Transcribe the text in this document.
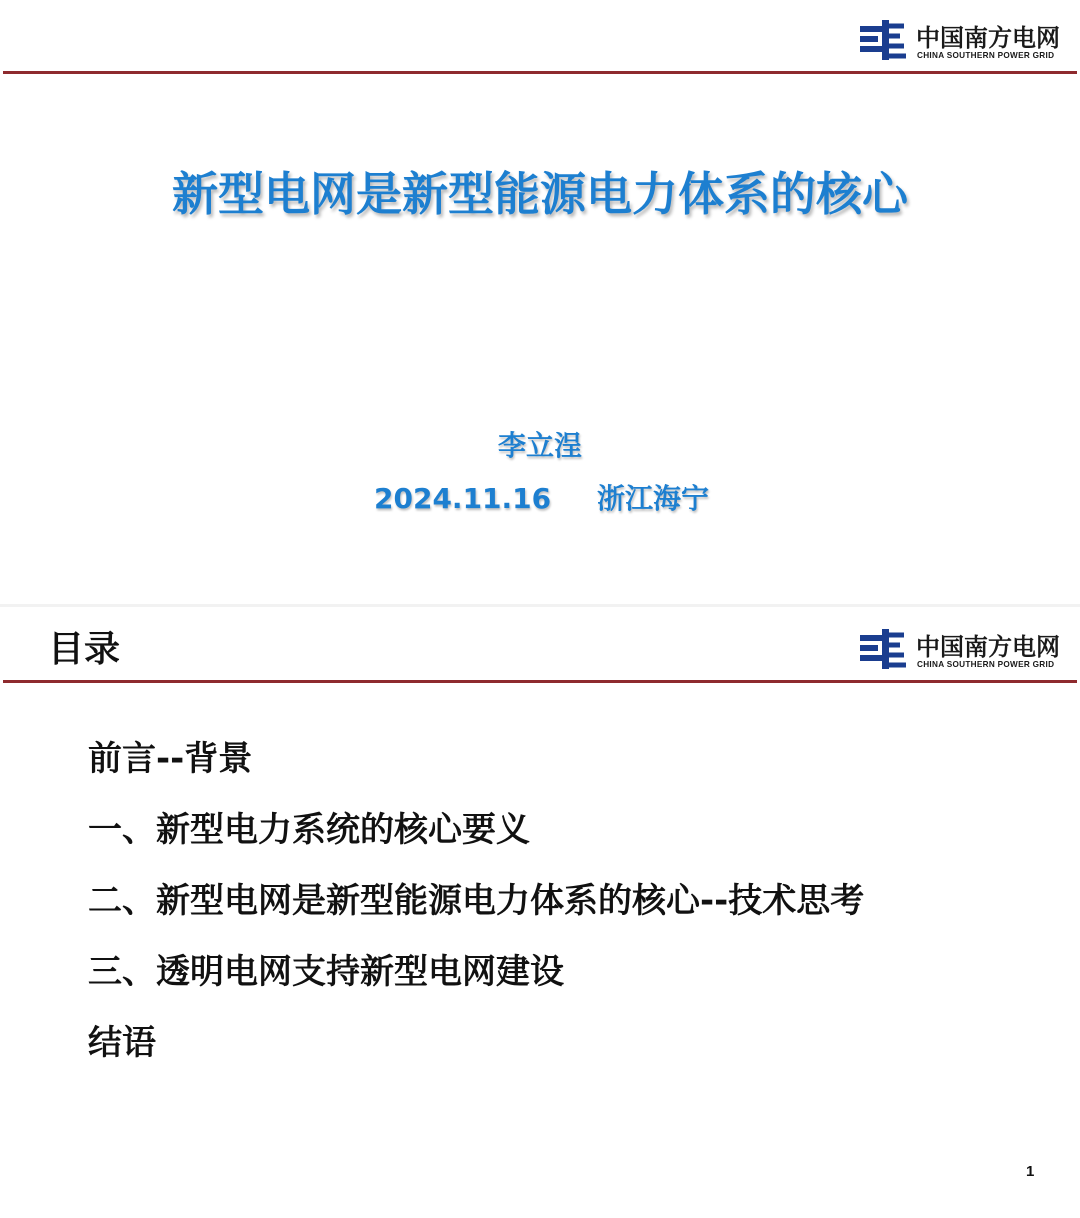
中国南方电网
CHINA SOUTHERN POWER GRID
新型电网是新型能源电力体系的核心
李立浧
2024.11.16 浙江海宁
目录	中国南方电网
CHINA SOUTHERN POWER GRID
前言--背景
一、新型电力系统的核心要义
二、新型电网是新型能源电力体系的核心--技术思考
三、透明电网支持新型电网建设
结语
1
